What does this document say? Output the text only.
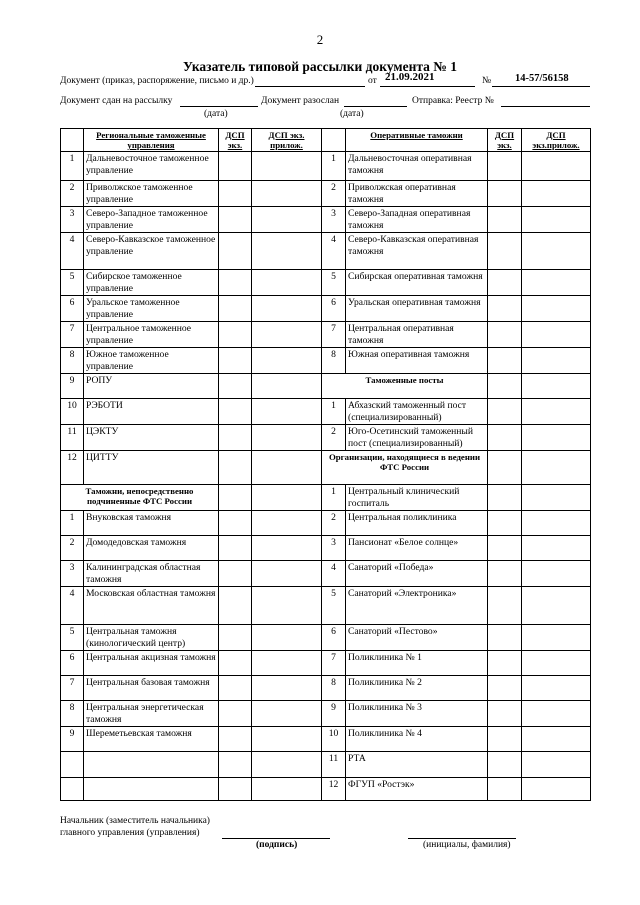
2
Указатель типовой рассылки документа № 1
Документ (приказ, распоряжение, письмо и др.)	от 21.09.2021	№ 14-57/56158
Документ сдан на рассылку	Документ разослан	Отправка: Реестр №
(дата)	(дата)
	Региональные таможенные управления	ДСП экз.	ДСП экз. прилож.		Оперативные таможни	ДСП экз.	ДСП экз.прилож.
1	Дальневосточное таможенное управление			1	Дальневосточная оперативная таможня		
2	Приволжское таможенное управление			2	Приволжская оперативная таможня		
3	Северо-Западное таможенное управление			3	Северо-Западная оперативная таможня		
4	Северо-Кавказское таможенное управление			4	Северо-Кавказская оперативная таможня		
5	Сибирское таможенное управление			5	Сибирская оперативная таможня		
6	Уральское таможенное управление			6	Уральская оперативная таможня		
7	Центральное таможенное управление			7	Центральная оперативная таможня		
8	Южное таможенное управление			8	Южная оперативная таможня		
9	РОПУ			Таможенные посты			
10	РЭБОТИ			1	Абхазский таможенный пост (специализированный)		
11	ЦЭКТУ			2	Юго-Осетинский таможенный пост (специализированный)		
12	ЦИТТУ			Организации, находящиеся в ведении ФТС России			
Таможни, непосредственно подчиненные ФТС России				1	Центральный клинический госпиталь		
1	Внуковская таможня			2	Центральная поликлиника		
2	Домодедовская таможня			3	Пансионат «Белое солнце»		
3	Калининградская областная таможня			4	Санаторий «Победа»		
4	Московская областная таможня			5	Санаторий «Электроника»		
5	Центральная таможня (кинологический центр)			6	Санаторий «Пестово»		
6	Центральная акцизная таможня			7	Поликлиника № 1		
7	Центральная базовая таможня			8	Поликлиника № 2		
8	Центральная энергетическая таможня			9	Поликлиника № 3		
9	Шереметьевская таможня			10	Поликлиника № 4		
				11	РТА		
				12	ФГУП «Ростэк»		
Начальник (заместитель начальника)
главного управления (управления)
(подпись)	(инициалы, фамилия)
